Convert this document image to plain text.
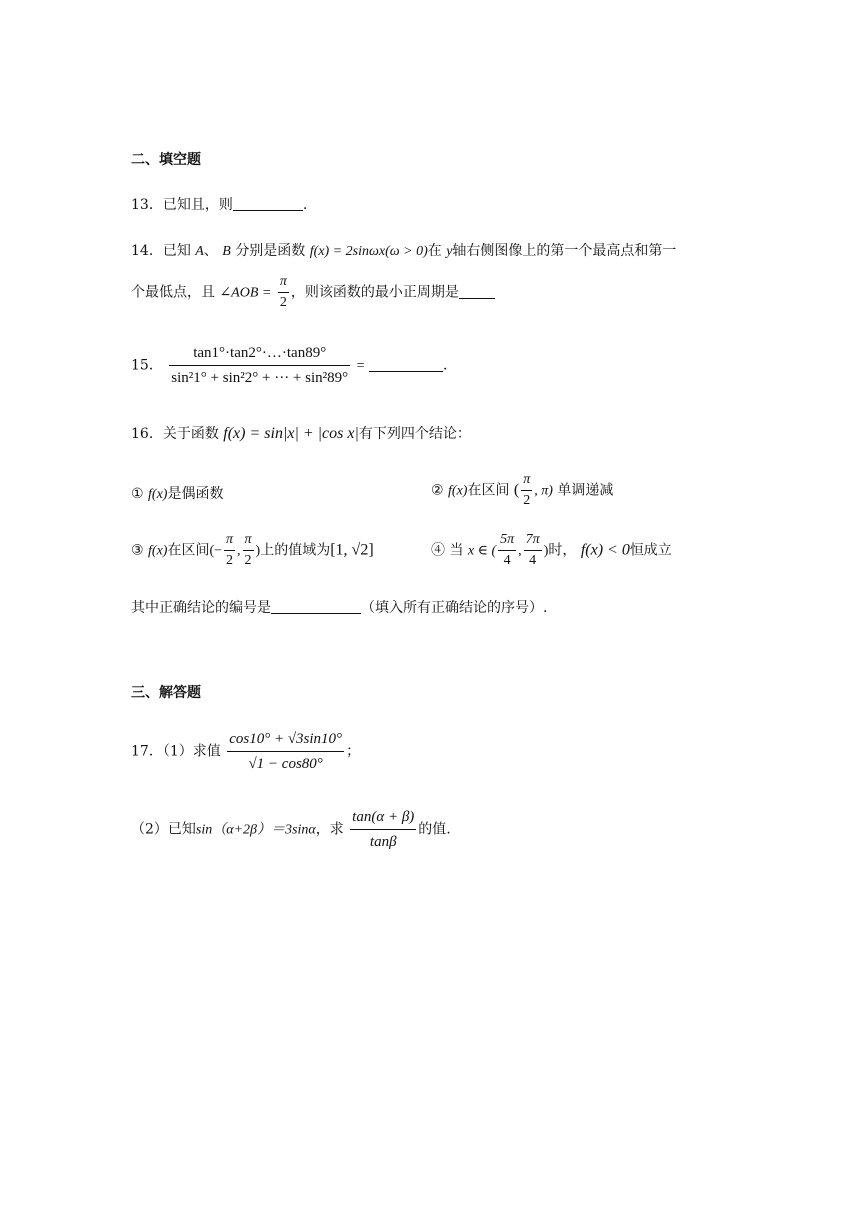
二、填空题
13．已知且，则	.
14．已知 A、 B 分别是函数 f(x) = 2sinωx(ω > 0)在 y轴右侧图像上的第一个最高点和第一
个最低点，且 ∠AOB = $\frac{\pi}{2}$ ，则该函数的最小正周期是
15． $\frac{\tan 1^\circ\cdot\tan 2^\circ\cdot\dots\cdot\tan 89^\circ}{\text{sin²1° + sin²2° + ··· + sin²89°}}$ =	.
16．关于函数 f(x) = sin|x| + |cos x|有下列四个结论：
① f(x)是偶函数	② f(x)在区间 ( $\frac{\pi}{2}$ , π) 单调递减
③ f(x)在区间(− $\frac{\pi}{2}$ , $\frac{\pi}{2}$ )上的值域为[1, √2]	④ 当 x ∈ ( $\frac{5\pi}{4}$ , $\frac{7\pi}{4}$ )时， f(x) < 0恒成立
其中正确结论的编号是	（填入所有正确结论的序号）.
三、解答题
17．（1）求值 $\frac{\cos 10^\circ + √3\sin 10^\circ}{√1 - \cos 80^\circ}$ ；
（2）已知sin（α+2β）＝3sinα，求 $\frac{\tan(\alpha + \beta)}{\tan\beta}$ 的值.
